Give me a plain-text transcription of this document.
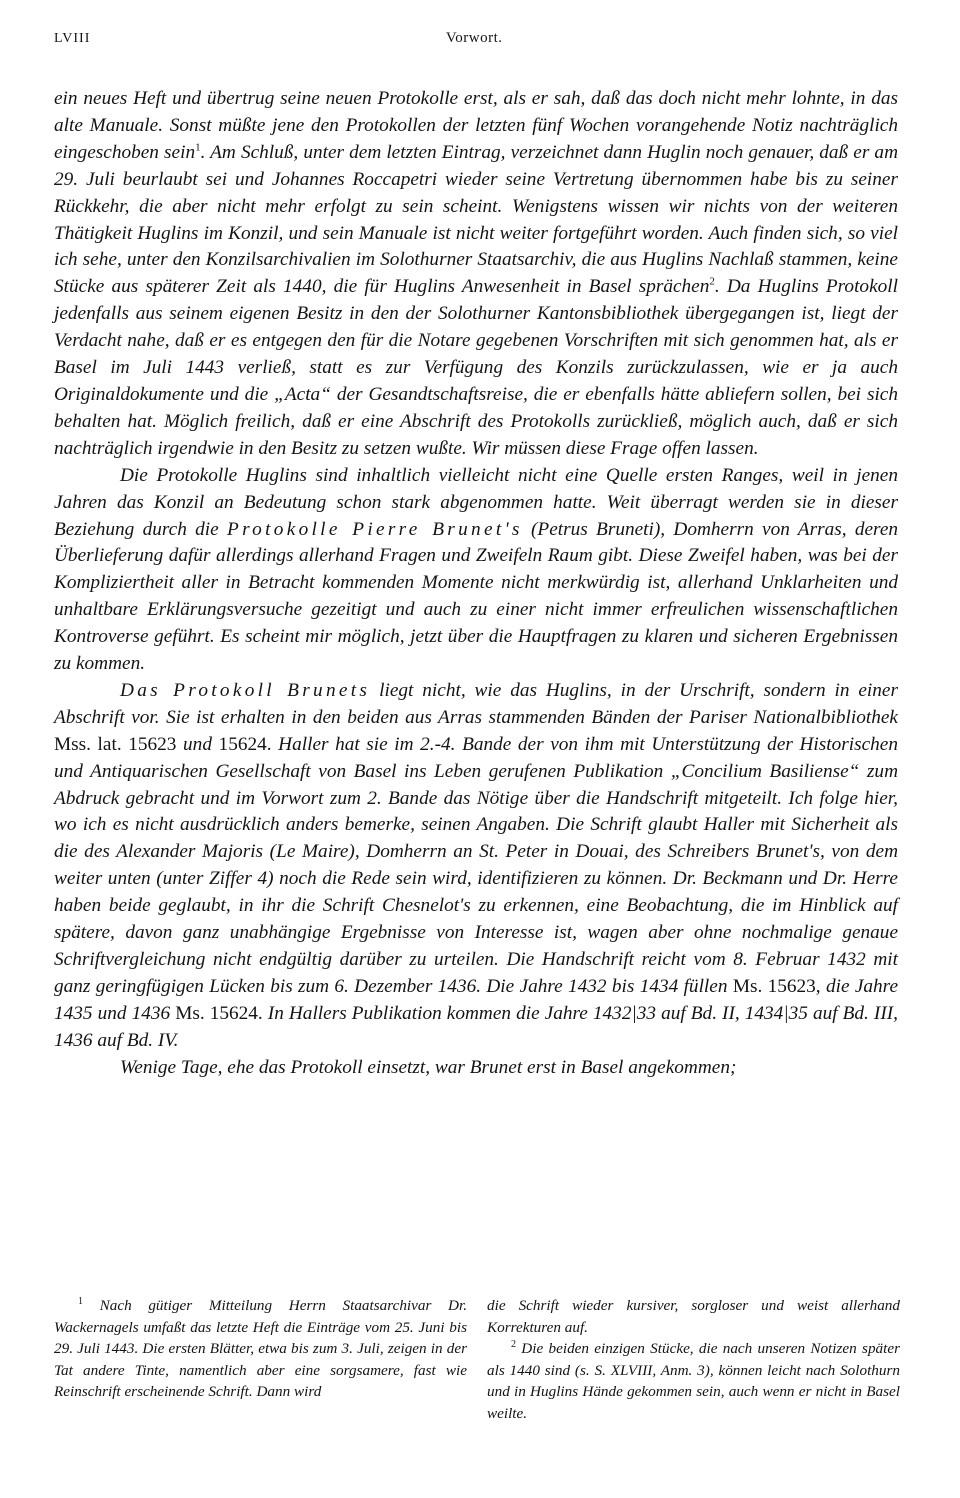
LVIII	Vorwort.

ein neues Heft und übertrug seine neuen Protokolle erst, als er sah, daß das doch nicht mehr lohnte, in das alte Manuale. Sonst müßte jene den Protokollen der letzten fünf Wochen vorangehende Notiz nachträglich eingeschoben sein$^1$. Am Schluß, unter dem letzten Eintrag, verzeichnet dann Huglin noch genauer, daß er am 29. Juli beurlaubt sei und Johannes Roccapetri wieder seine Vertretung übernommen habe bis zu seiner Rückkehr, die aber nicht mehr erfolgt zu sein scheint. Wenigstens wissen wir nichts von der weiteren Thätigkeit Huglins im Konzil, und sein Manuale ist nicht weiter fortgeführt worden. Auch finden sich, so viel ich sehe, unter den Konzilsarchivalien im Solothurner Staatsarchiv, die aus Huglins Nachlaß stammen, keine Stücke aus späterer Zeit als 1440, die für Huglins Anwesenheit in Basel sprächen$^2$. Da Huglins Protokoll jedenfalls aus seinem eigenen Besitz in den der Solothurner Kantonsbibliothek übergegangen ist, liegt der Verdacht nahe, daß er es entgegen den für die Notare gegebenen Vorschriften mit sich genommen hat, als er Basel im Juli 1443 verließ, statt es zur Verfügung des Konzils zurückzulassen, wie er ja auch Originaldokumente und die „Acta“ der Gesandtschaftsreise, die er ebenfalls hätte abliefern sollen, bei sich behalten hat. Möglich freilich, daß er eine Abschrift des Protokolls zurückließ, möglich auch, daß er sich nachträglich irgendwie in den Besitz zu setzen wußte. Wir müssen diese Frage offen lassen.

Die Protokolle Huglins sind inhaltlich vielleicht nicht eine Quelle ersten Ranges, weil in jenen Jahren das Konzil an Bedeutung schon stark abgenommen hatte. Weit überragt werden sie in dieser Beziehung durch die Protokolle Pierre Brunet's (Petrus Bruneti), Domherrn von Arras, deren Überlieferung dafür allerdings allerhand Fragen und Zweifeln Raum gibt. Diese Zweifel haben, was bei der Kompliziertheit aller in Betracht kommenden Momente nicht merkwürdig ist, allerhand Unklarheiten und unhaltbare Erklärungsversuche gezeitigt und auch zu einer nicht immer erfreulichen wissenschaftlichen Kontroverse geführt. Es scheint mir möglich, jetzt über die Hauptfragen zu klaren und sicheren Ergebnissen zu kommen.

Das Protokoll Brunets liegt nicht, wie das Huglins, in der Urschrift, sondern in einer Abschrift vor. Sie ist erhalten in den beiden aus Arras stammenden Bänden der Pariser Nationalbibliothek Mss. lat. 15623 und 15624. Haller hat sie im 2.-4. Bande der von ihm mit Unterstützung der Historischen und Antiquarischen Gesellschaft von Basel ins Leben gerufenen Publikation „Concilium Basiliense“ zum Abdruck gebracht und im Vorwort zum 2. Bande das Nötige über die Handschrift mitgeteilt. Ich folge hier, wo ich es nicht ausdrücklich anders bemerke, seinen Angaben. Die Schrift glaubt Haller mit Sicherheit als die des Alexander Majoris (Le Maire), Domherrn an St. Peter in Douai, des Schreibers Brunet's, von dem weiter unten (unter Ziffer 4) noch die Rede sein wird, identifizieren zu können. Dr. Beckmann und Dr. Herre haben beide geglaubt, in ihr die Schrift Chesnelot's zu erkennen, eine Beobachtung, die im Hinblick auf spätere, davon ganz unabhängige Ergebnisse von Interesse ist, wagen aber ohne nochmalige genaue Schriftvergleichung nicht endgültig darüber zu urteilen. Die Handschrift reicht vom 8. Februar 1432 mit ganz geringfügigen Lücken bis zum 6. Dezember 1436. Die Jahre 1432 bis 1434 füllen Ms. 15623, die Jahre 1435 und 1436 Ms. 15624. In Hallers Publikation kommen die Jahre 1432|33 auf Bd. II, 1434|35 auf Bd. III, 1436 auf Bd. IV.

Wenige Tage, ehe das Protokoll einsetzt, war Brunet erst in Basel angekommen;

$^1$ Nach gütiger Mitteilung Herrn Staatsarchivar Dr. Wackernagels umfaßt das letzte Heft die Einträge vom 25. Juni bis 29. Juli 1443. Die ersten Blätter, etwa bis zum 3. Juli, zeigen in der Tat andere Tinte, namentlich aber eine sorgsamere, fast wie Reinschrift erscheinende Schrift. Dann wird

die Schrift wieder kursiver, sorgloser und weist allerhand Korrekturen auf.

$^2$ Die beiden einzigen Stücke, die nach unseren Notizen später als 1440 sind (s. S. XLVIII, Anm. 3), können leicht nach Solothurn und in Huglins Hände gekommen sein, auch wenn er nicht in Basel weilte.
